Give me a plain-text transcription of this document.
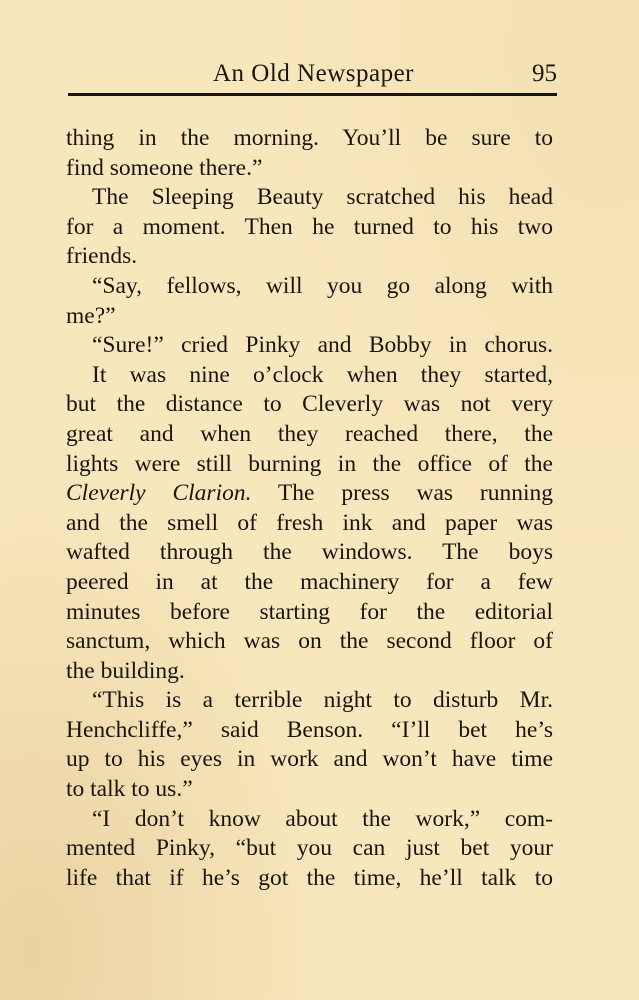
An Old Newspaper	95
thing in the morning. You’ll be sure to
find someone there.”
The Sleeping Beauty scratched his head
for a moment. Then he turned to his two
friends.
“Say, fellows, will you go along with
me?”
“Sure!” cried Pinky and Bobby in chorus.
It was nine o’clock when they started,
but the distance to Cleverly was not very
great and when they reached there, the
lights were still burning in the office of the
Cleverly Clarion. The press was running
and the smell of fresh ink and paper was
wafted through the windows. The boys
peered in at the machinery for a few
minutes before starting for the editorial
sanctum, which was on the second floor of
the building.
“This is a terrible night to disturb Mr.
Henchcliffe,” said Benson. “I’ll bet he’s
up to his eyes in work and won’t have time
to talk to us.”
“I don’t know about the work,” com-
mented Pinky, “but you can just bet your
life that if he’s got the time, he’ll talk to
